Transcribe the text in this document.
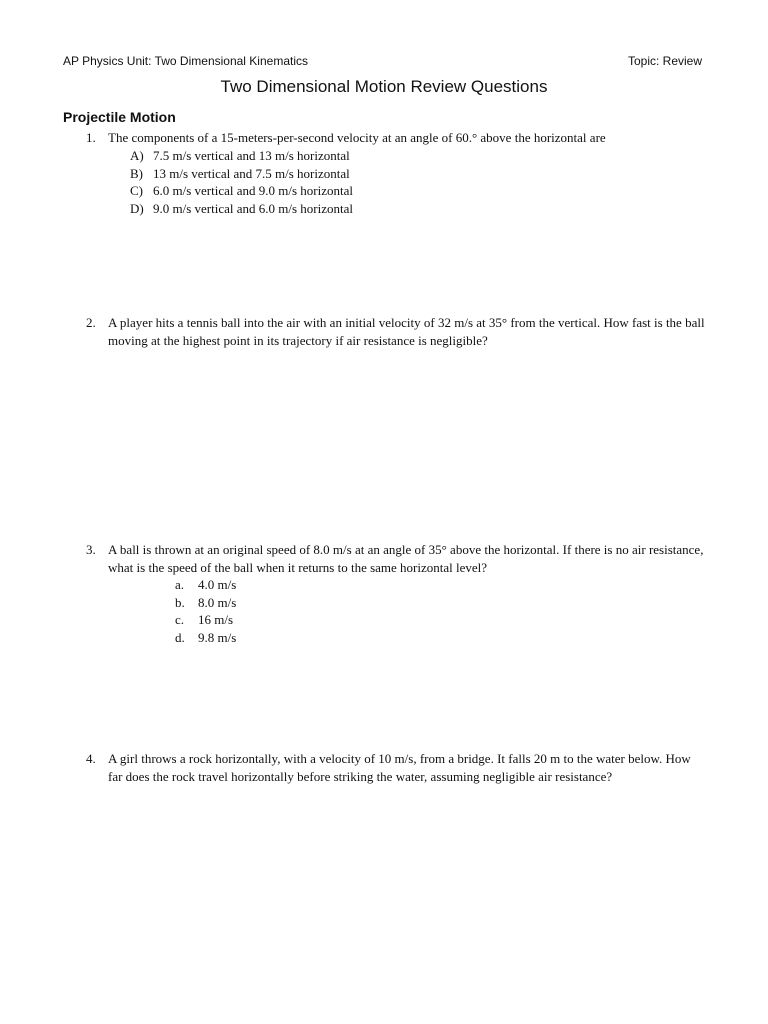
AP Physics Unit: Two Dimensional Kinematics	Topic: Review
Two Dimensional Motion Review Questions
Projectile Motion
1. The components of a 15-meters-per-second velocity at an angle of 60.° above the horizontal are
A) 7.5 m/s vertical and 13 m/s horizontal
B) 13 m/s vertical and 7.5 m/s horizontal
C) 6.0 m/s vertical and 9.0 m/s horizontal
D) 9.0 m/s vertical and 6.0 m/s horizontal
2. A player hits a tennis ball into the air with an initial velocity of 32 m/s at 35° from the vertical. How fast is the ball moving at the highest point in its trajectory if air resistance is negligible?
3. A ball is thrown at an original speed of 8.0 m/s at an angle of 35° above the horizontal. If there is no air resistance, what is the speed of the ball when it returns to the same horizontal level?
a. 4.0 m/s
b. 8.0 m/s
c. 16 m/s
d. 9.8 m/s
4. A girl throws a rock horizontally, with a velocity of 10 m/s, from a bridge. It falls 20 m to the water below. How far does the rock travel horizontally before striking the water, assuming negligible air resistance?
